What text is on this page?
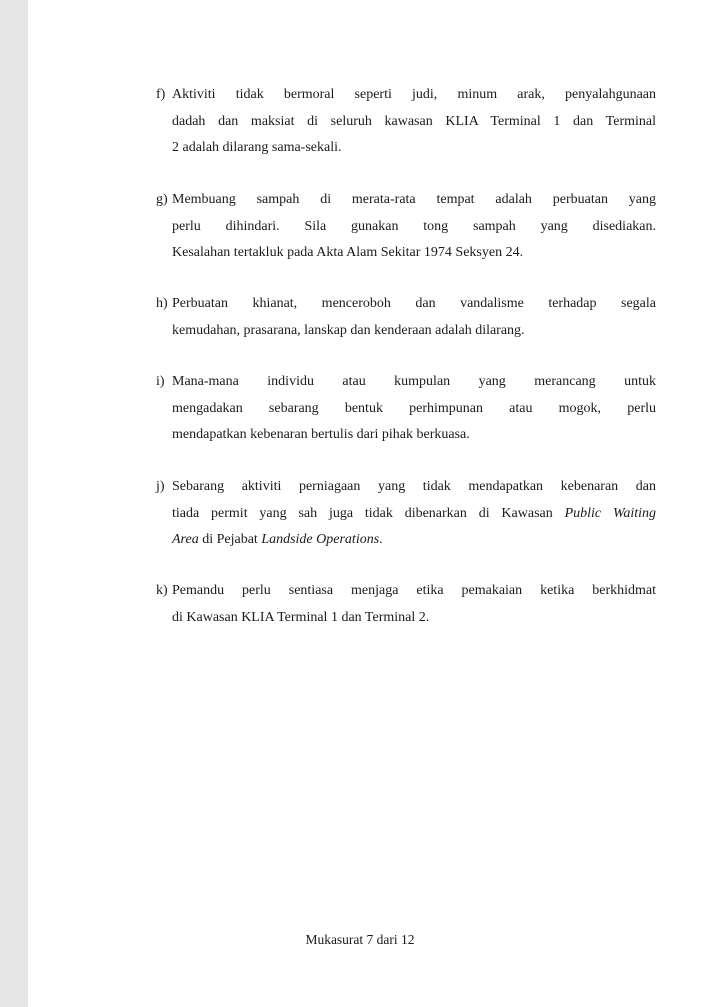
f) Aktiviti tidak bermoral seperti judi, minum arak, penyalahgunaan
dadah dan maksiat di seluruh kawasan KLIA Terminal 1 dan Terminal
2 adalah dilarang sama-sekali.
g) Membuang sampah di merata-rata tempat adalah perbuatan yang
perlu dihindari. Sila gunakan tong sampah yang disediakan.
Kesalahan tertakluk pada Akta Alam Sekitar 1974 Seksyen 24.
h) Perbuatan khianat, menceroboh dan vandalisme terhadap segala
kemudahan, prasarana, lanskap dan kenderaan adalah dilarang.
i) Mana-mana individu atau kumpulan yang merancang untuk
mengadakan sebarang bentuk perhimpunan atau mogok, perlu
mendapatkan kebenaran bertulis dari pihak berkuasa.
j) Sebarang aktiviti perniagaan yang tidak mendapatkan kebenaran dan
tiada permit yang sah juga tidak dibenarkan di Kawasan Public Waiting
Area di Pejabat Landside Operations.
k) Pemandu perlu sentiasa menjaga etika pemakaian ketika berkhidmat
di Kawasan KLIA Terminal 1 dan Terminal 2.
Mukasurat 7 dari 12
